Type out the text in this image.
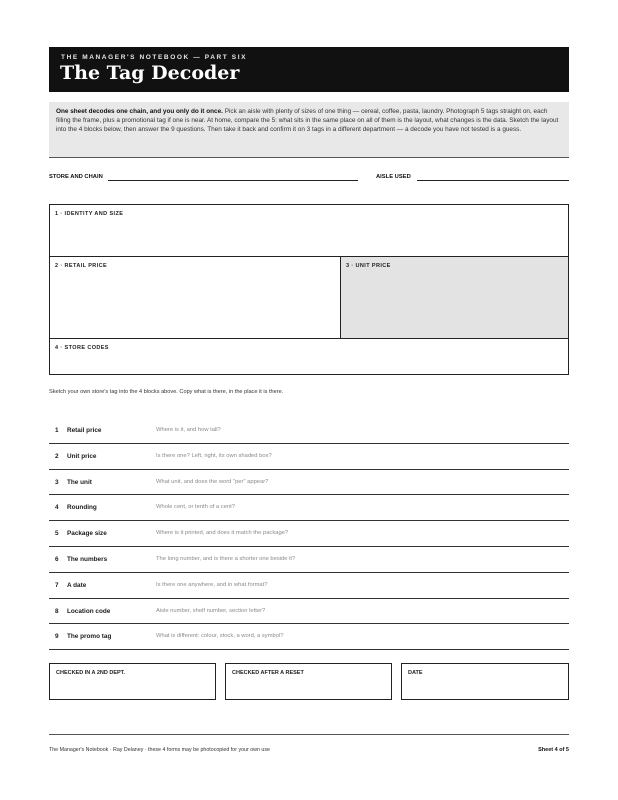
THE MANAGER'S NOTEBOOK — PART SIX
The Tag Decoder
One sheet decodes one chain, and you only do it once. Pick an aisle with plenty of sizes of one thing — cereal, coffee, pasta, laundry. Photograph 5 tags straight on, each filling the frame, plus a promotional tag if one is near. At home, compare the 5: what sits in the same place on all of them is the layout, what changes is the data. Sketch the layout into the 4 blocks below, then answer the 9 questions. Then take it back and confirm it on 3 tags in a different department — a decode you have not tested is a guess.
STORE AND CHAIN	AISLE USED
1 · IDENTITY AND SIZE
2 · RETAIL PRICE	3 · UNIT PRICE
4 · STORE CODES
Sketch your own store's tag into the 4 blocks above. Copy what is there, in the place it is there.
1 Retail price	Where is it, and how tall?
2 Unit price	Is there one? Left, right, its own shaded box?
3 The unit	What unit, and does the word "per" appear?
4 Rounding	Whole cent, or tenth of a cent?
5 Package size	Where is it printed, and does it match the package?
6 The numbers	The long number, and is there a shorter one beside it?
7 A date	Is there one anywhere, and in what format?
8 Location code	Aisle number, shelf number, section letter?
9 The promo tag	What is different: colour, stock, a word, a symbol?
CHECKED IN A 2ND DEPT.	CHECKED AFTER A RESET	DATE
The Manager's Notebook · Ray Delaney · these 4 forms may be photocopied for your own use	Sheet 4 of 5
